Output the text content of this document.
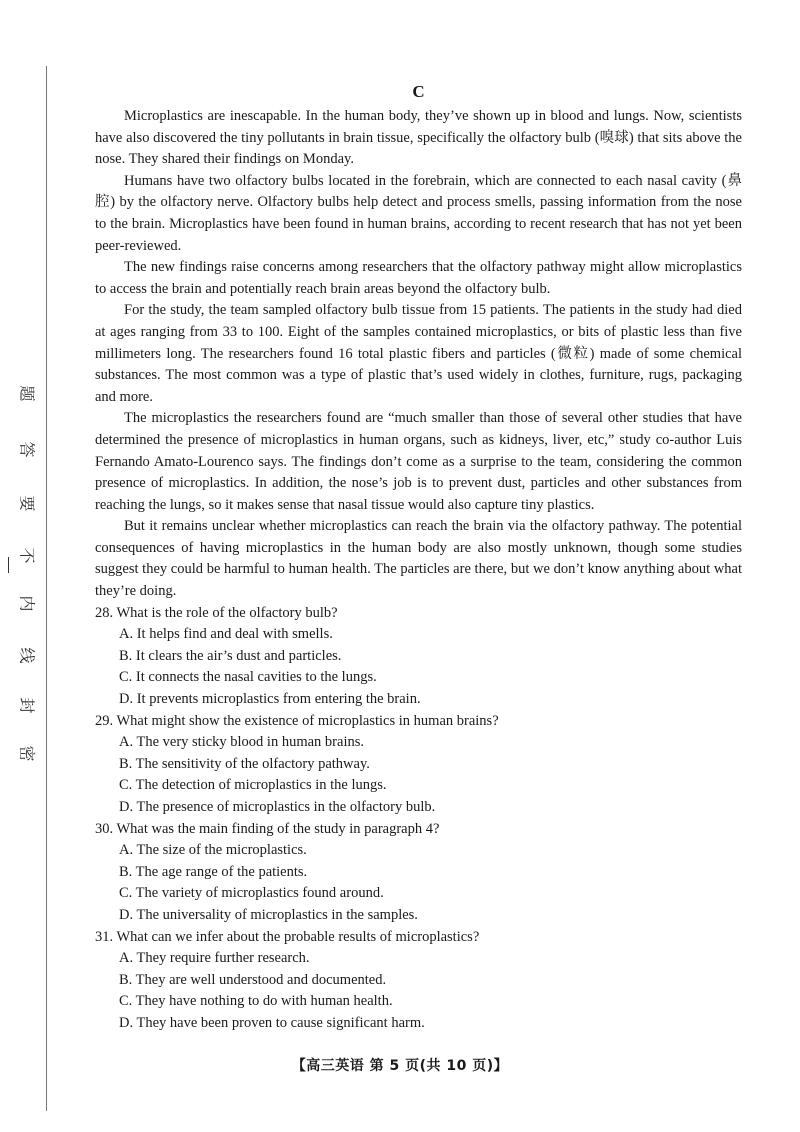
题
答
要
不
内
线
封
密
C

Microplastics are inescapable. In the human body, they’ve shown up in blood and lungs. Now, scientists have also discovered the tiny pollutants in brain tissue, specifically the olfactory bulb (嗅球) that sits above the nose. They shared their findings on Monday.

Humans have two olfactory bulbs located in the forebrain, which are connected to each nasal cavity (鼻腔) by the olfactory nerve. Olfactory bulbs help detect and process smells, passing information from the nose to the brain. Microplastics have been found in human brains, according to recent research that has not yet been peer-reviewed.

The new findings raise concerns among researchers that the olfactory pathway might allow microplastics to access the brain and potentially reach brain areas beyond the olfactory bulb.

For the study, the team sampled olfactory bulb tissue from 15 patients. The patients in the study had died at ages ranging from 33 to 100. Eight of the samples contained microplastics, or bits of plastic less than five millimeters long. The researchers found 16 total plastic fibers and particles (微粒) made of some chemical substances. The most common was a type of plastic that’s used widely in clothes, furniture, rugs, packaging and more.

The microplastics the researchers found are “much smaller than those of several other studies that have determined the presence of microplastics in human organs, such as kidneys, liver, etc,” study co-author Luis Fernando Amato-Lourenco says. The findings don’t come as a surprise to the team, considering the common presence of microplastics. In addition, the nose’s job is to prevent dust, particles and other substances from reaching the lungs, so it makes sense that nasal tissue would also capture tiny plastics.

But it remains unclear whether microplastics can reach the brain via the olfactory pathway. The potential consequences of having microplastics in the human body are also mostly unknown, though some studies suggest they could be harmful to human health. The particles are there, but we don’t know anything about what they’re doing.

28. What is the role of the olfactory bulb?

A. It helps find and deal with smells.

B. It clears the air’s dust and particles.

C. It connects the nasal cavities to the lungs.

D. It prevents microplastics from entering the brain.

29. What might show the existence of microplastics in human brains?

A. The very sticky blood in human brains.

B. The sensitivity of the olfactory pathway.

C. The detection of microplastics in the lungs.

D. The presence of microplastics in the olfactory bulb.

30. What was the main finding of the study in paragraph 4?

A. The size of the microplastics.

B. The age range of the patients.

C. The variety of microplastics found around.

D. The universality of microplastics in the samples.

31. What can we infer about the probable results of microplastics?

A. They require further research.

B. They are well understood and documented.

C. They have nothing to do with human health.

D. They have been proven to cause significant harm.

【高三英语 第 5 页(共 10 页)】
